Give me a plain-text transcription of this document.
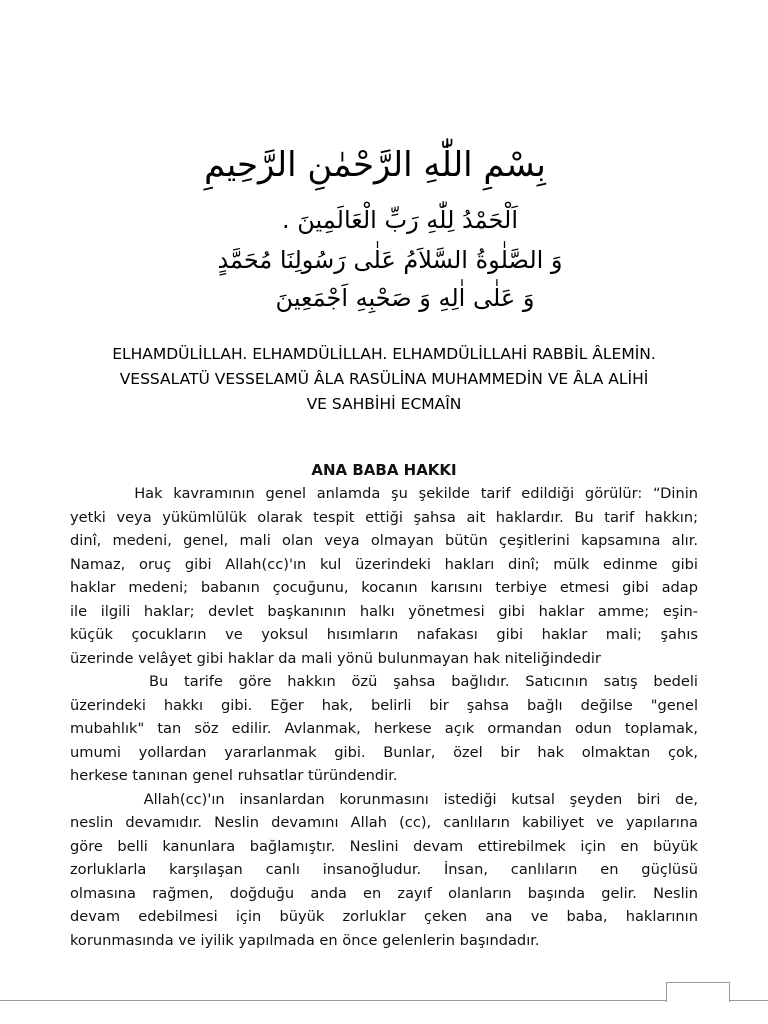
بِسْمِ اللّٰهِ الرَّحْمٰنِ الرَّحِيمِ
اَلْحَمْدُ لِلّٰهِ رَبِّ الْعَالَمِينَ .
وَ الصَّلٰوةُ السَّلاَمُ عَلٰى رَسُولِنَا مُحَمَّدٍ
وَ عَلٰى اٰلِهِ وَ صَحْبِهِ اَجْمَعِينَ
ELHAMDÜLİLLAH. ELHAMDÜLİLLAH. ELHAMDÜLİLLAHİ RABBİL ÂLEMİN.
VESSALATÜ VESSELAMÜ ÂLA RASÜLİNA MUHAMMEDİN VE ÂLA ALİHİ
VE SAHBİHİ ECMAÎN
ANA BABA HAKKI
Hak kavramının genel anlamda şu şekilde tarif edildiği görülür: “Dinin
yetki veya yükümlülük olarak tespit ettiği şahsa ait haklardır. Bu tarif hakkın;
dinî, medeni, genel, mali olan veya olmayan bütün çeşitlerini kapsamına alır.
Namaz, oruç gibi Allah(cc)'ın kul üzerindeki hakları dinî; mülk edinme gibi
haklar medeni; babanın çocuğunu, kocanın karısını terbiye etmesi gibi adap
ile ilgili haklar; devlet başkanının halkı yönetmesi gibi haklar amme; eşin-
küçük çocukların ve yoksul hısımların nafakası gibi haklar mali; şahıs
üzerinde velâyet gibi haklar da mali yönü bulunmayan hak niteliğindedir
Bu tarife göre hakkın özü şahsa bağlıdır. Satıcının satış bedeli
üzerindeki hakkı gibi. Eğer hak, belirli bir şahsa bağlı değilse "genel
mubahlık" tan söz edilir. Avlanmak, herkese açık ormandan odun toplamak,
umumi yollardan yararlanmak gibi. Bunlar, özel bir hak olmaktan çok,
herkese tanınan genel ruhsatlar türündendir.
Allah(cc)'ın insanlardan korunmasını istediği kutsal şeyden biri de,
neslin devamıdır. Neslin devamını Allah (cc), canlıların kabiliyet ve yapılarına
göre belli kanunlara bağlamıştır. Neslini devam ettirebilmek için en büyük
zorluklarla karşılaşan canlı insanoğludur. İnsan, canlıların en güçlüsü
olmasına rağmen, doğduğu anda en zayıf olanların başında gelir. Neslin
devam edebilmesi için büyük zorluklar çeken ana ve baba, haklarının
korunmasında ve iyilik yapılmada en önce gelenlerin başındadır.
